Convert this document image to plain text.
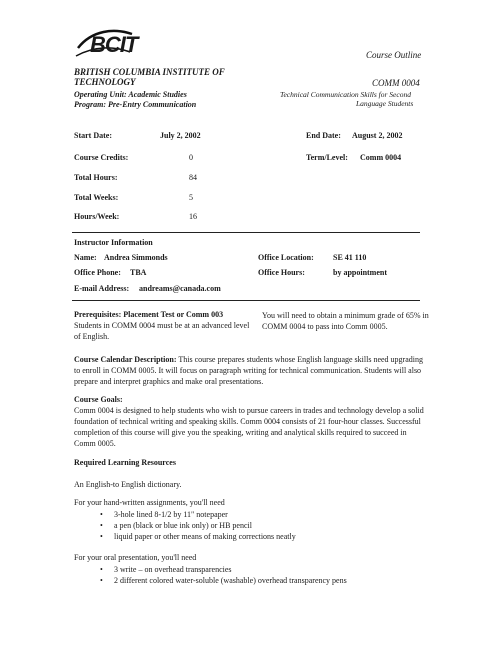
BCIT	Course Outline
BRITISH COLUMBIA INSTITUTE OF
TECHNOLOGY
Operating Unit: Academic Studies
Program: Pre-Entry Communication
COMM 0004
Technical Communication Skills for Second
Language Students
Start Date:	July 2, 2002	End Date: August 2, 2002
Course Credits:	0	Term/Level: Comm 0004
Total Hours:	84
Total Weeks:	5
Hours/Week:	16
Instructor Information
Name: Andrea Simmonds	Office Location: SE 41 110
Office Phone: TBA	Office Hours:	by appointment
E-mail Address: andreams@canada.com
Prerequisites: Placement Test or Comm 003
Students in COMM 0004 must be at an advanced level of English.
You will need to obtain a minimum grade of 65% in COMM 0004 to pass into Comm 0005.
Course Calendar Description: This course prepares students whose English language skills need upgrading to enroll in COMM 0005. It will focus on paragraph writing for technical communication. Students will also prepare and interpret graphics and make oral presentations.
Course Goals:
Comm 0004 is designed to help students who wish to pursue careers in trades and technology develop a solid foundation of technical writing and speaking skills. Comm 0004 consists of 21 four-hour classes. Successful completion of this course will give you the speaking, writing and analytical skills required to succeed in Comm 0005.
Required Learning Resources
An English-to English dictionary.
For your hand-written assignments, you'll need
• 3-hole lined 8-1/2 by 11" notepaper
• a pen (black or blue ink only) or HB pencil
• liquid paper or other means of making corrections neatly
For your oral presentation, you'll need
• 3 write – on overhead transparencies
• 2 different colored water-soluble (washable) overhead transparency pens
